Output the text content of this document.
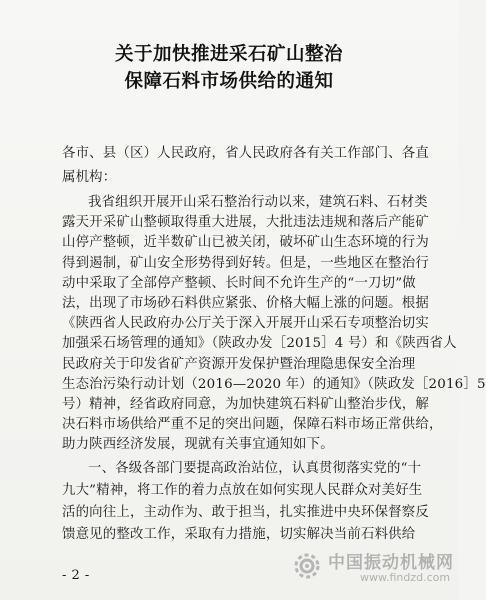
关于加快推进采石矿山整治
保障石料市场供给的通知
各市、县（区）人民政府，省人民政府各有关工作部门、各直
属机构：
我省组织开展开山采石整治行动以来，建筑石料、石材类
露天开采矿山整顿取得重大进展，大批违法违规和落后产能矿
山停产整顿，近半数矿山已被关闭，破坏矿山生态环境的行为
得到遏制，矿山安全形势得到好转。但是，一些地区在整治行
动中采取了全部停产整顿、长时间不允许生产的“一刀切”做
法，出现了市场砂石料供应紧张、价格大幅上涨的问题。根据
《陕西省人民政府办公厅关于深入开展开山采石专项整治切实
加强采石场管理的通知》（陕政办发［2015］4 号）和《陕西省人
民政府关于印发省矿产资源开发保护暨治理隐患保安全治理
生态治污染行动计划（2016—2020 年）的通知》（陕政发［2016］5
号）精神，经省政府同意，为加快建筑石料矿山整治步伐，解
决石料市场供给严重不足的突出问题，保障石料市场正常供给，
助力陕西经济发展，现就有关事宜通知如下。
一、各级各部门要提高政治站位，认真贯彻落实党的“十
九大”精神，将工作的着力点放在如何实现人民群众对美好生
活的向往上，主动作为、敢于担当，扎实推进中央环保督察反
馈意见的整改工作，采取有力措施，切实解决当前石料供给
- 2 -
中国振动机械网
www.findzd.com
